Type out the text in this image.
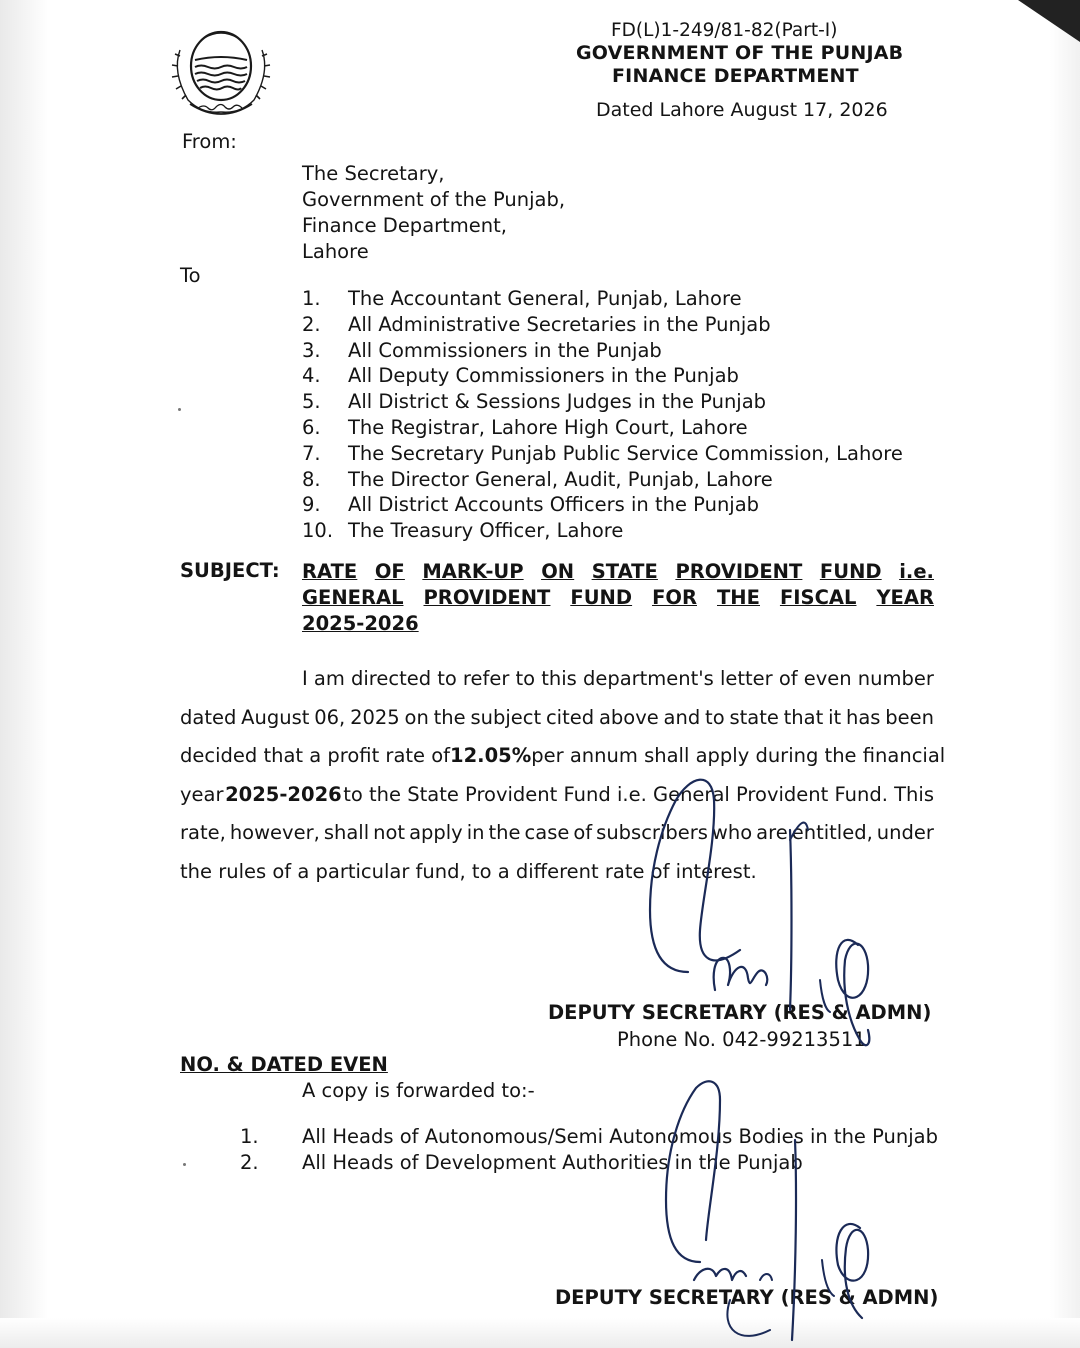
FD(L)1-249/81-82(Part-I)
GOVERNMENT OF THE PUNJAB
FINANCE DEPARTMENT
Dated Lahore August 17, 2026
From:
The Secretary,
Government of the Punjab,
Finance Department,
Lahore
To
1. The Accountant General, Punjab, Lahore
2. All Administrative Secretaries in the Punjab
3. All Commissioners in the Punjab
4. All Deputy Commissioners in the Punjab
5. All District & Sessions Judges in the Punjab
6. The Registrar, Lahore High Court, Lahore
7. The Secretary Punjab Public Service Commission, Lahore
8. The Director General, Audit, Punjab, Lahore
9. All District Accounts Officers in the Punjab
10. The Treasury Officer, Lahore
SUBJECT: RATE OF MARK-UP ON STATE PROVIDENT FUND i.e.
GENERAL PROVIDENT FUND FOR THE FISCAL YEAR
2025-2026
I am directed to refer to this department's letter of even number
dated August 06, 2025 on the subject cited above and to state that it has been
decided that a profit rate of 12.05% per annum shall apply during the financial
year 2025-2026 to the State Provident Fund i.e. General Provident Fund. This
rate, however, shall not apply in the case of subscribers who are entitled, under
the rules of a particular fund, to a different rate of interest.
DEPUTY SECRETARY (RES & ADMN)
Phone No. 042-99213511
NO. & DATED EVEN
A copy is forwarded to:-
1. All Heads of Autonomous/Semi Autonomous Bodies in the Punjab
2. All Heads of Development Authorities in the Punjab
DEPUTY SECRETARY (RES & ADMN)
